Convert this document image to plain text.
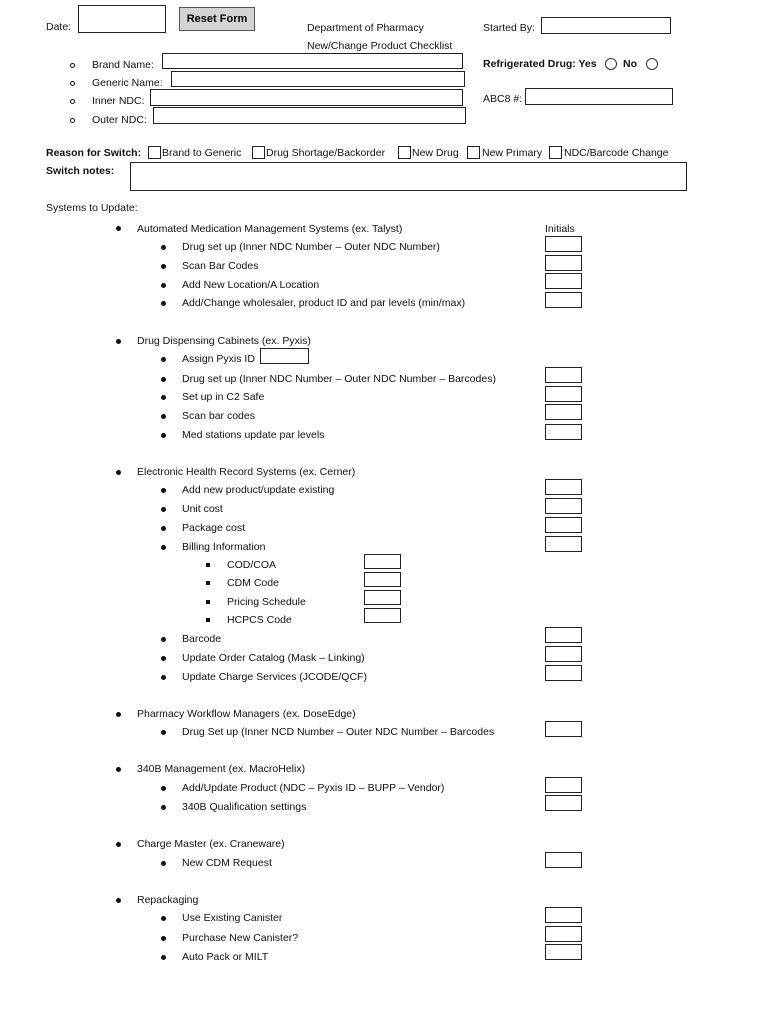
Date:
Reset Form
Department of Pharmacy
New/Change Product Checklist
Started By:
Refrigerated Drug: Yes	No
ABC8 #:
Brand Name:
Generic Name:
Inner NDC:
Outer NDC:
Reason for Switch: Brand to Generic Drug Shortage/Backorder	New Drug New Primary NDC/Barcode Change
Switch notes:
Systems to Update:
Initials
Automated Medication Management Systems (ex. Talyst)
Drug set up (Inner NDC Number – Outer NDC Number)
Scan Bar Codes
Add New Location/A Location
Add/Change wholesaler, product ID and par levels (min/max)
Drug Dispensing Cabinets (ex. Pyxis)
Assign Pyxis ID
Drug set up (Inner NDC Number – Outer NDC Number – Barcodes)
Set up in C2 Safe
Scan bar codes
Med stations update par levels
Electronic Health Record Systems (ex. Cerner)
Add new product/update existing
Unit cost
Package cost
Billing Information
COD/COA
CDM Code
Pricing Schedule
HCPCS Code
Barcode
Update Order Catalog (Mask – Linking)
Update Charge Services (JCODE/QCF)
Pharmacy Workflow Managers (ex. DoseEdge)
Drug Set up (Inner NCD Number – Outer NDC Number – Barcodes
340B Management (ex. MacroHelix)
Add/Update Product (NDC – Pyxis ID – BUPP – Vendor)
340B Qualification settings
Charge Master (ex. Craneware)
New CDM Request
Repackaging
Use Existing Canister
Purchase New Canister?
Auto Pack or MILT
